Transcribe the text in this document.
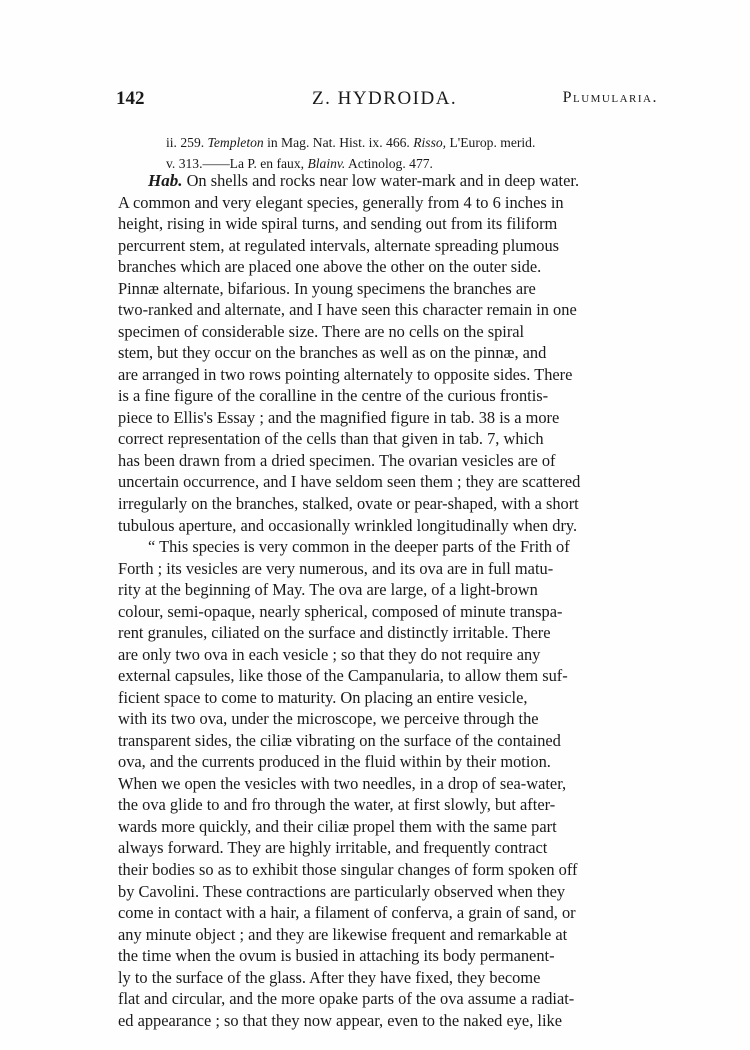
142	Z. HYDROIDA.	Plumularia.
ii. 259. Templeton in Mag. Nat. Hist. ix. 466. Risso, L'Europ. merid.
v. 313.——La P. en faux, Blainv. Actinolog. 477.
Hab. On shells and rocks near low water-mark and in deep water.
A common and very elegant species, generally from 4 to 6 inches in
height, rising in wide spiral turns, and sending out from its filiform
percurrent stem, at regulated intervals, alternate spreading plumous
branches which are placed one above the other on the outer side.
Pinnæ alternate, bifarious. In young specimens the branches are
two-ranked and alternate, and I have seen this character remain in one
specimen of considerable size. There are no cells on the spiral
stem, but they occur on the branches as well as on the pinnæ, and
are arranged in two rows pointing alternately to opposite sides. There
is a fine figure of the coralline in the centre of the curious frontis-
piece to Ellis's Essay ; and the magnified figure in tab. 38 is a more
correct representation of the cells than that given in tab. 7, which
has been drawn from a dried specimen. The ovarian vesicles are of
uncertain occurrence, and I have seldom seen them ; they are scattered
irregularly on the branches, stalked, ovate or pear-shaped, with a short
tubulous aperture, and occasionally wrinkled longitudinally when dry.
“ This species is very common in the deeper parts of the Frith of
Forth ; its vesicles are very numerous, and its ova are in full matu-
rity at the beginning of May. The ova are large, of a light-brown
colour, semi-opaque, nearly spherical, composed of minute transpa-
rent granules, ciliated on the surface and distinctly irritable. There
are only two ova in each vesicle ; so that they do not require any
external capsules, like those of the Campanularia, to allow them suf-
ficient space to come to maturity. On placing an entire vesicle,
with its two ova, under the microscope, we perceive through the
transparent sides, the ciliæ vibrating on the surface of the contained
ova, and the currents produced in the fluid within by their motion.
When we open the vesicles with two needles, in a drop of sea-water,
the ova glide to and fro through the water, at first slowly, but after-
wards more quickly, and their ciliæ propel them with the same part
always forward. They are highly irritable, and frequently contract
their bodies so as to exhibit those singular changes of form spoken off
by Cavolini. These contractions are particularly observed when they
come in contact with a hair, a filament of conferva, a grain of sand, or
any minute object ; and they are likewise frequent and remarkable at
the time when the ovum is busied in attaching its body permanent-
ly to the surface of the glass. After they have fixed, they become
flat and circular, and the more opake parts of the ova assume a radiat-
ed appearance ; so that they now appear, even to the naked eye, like
